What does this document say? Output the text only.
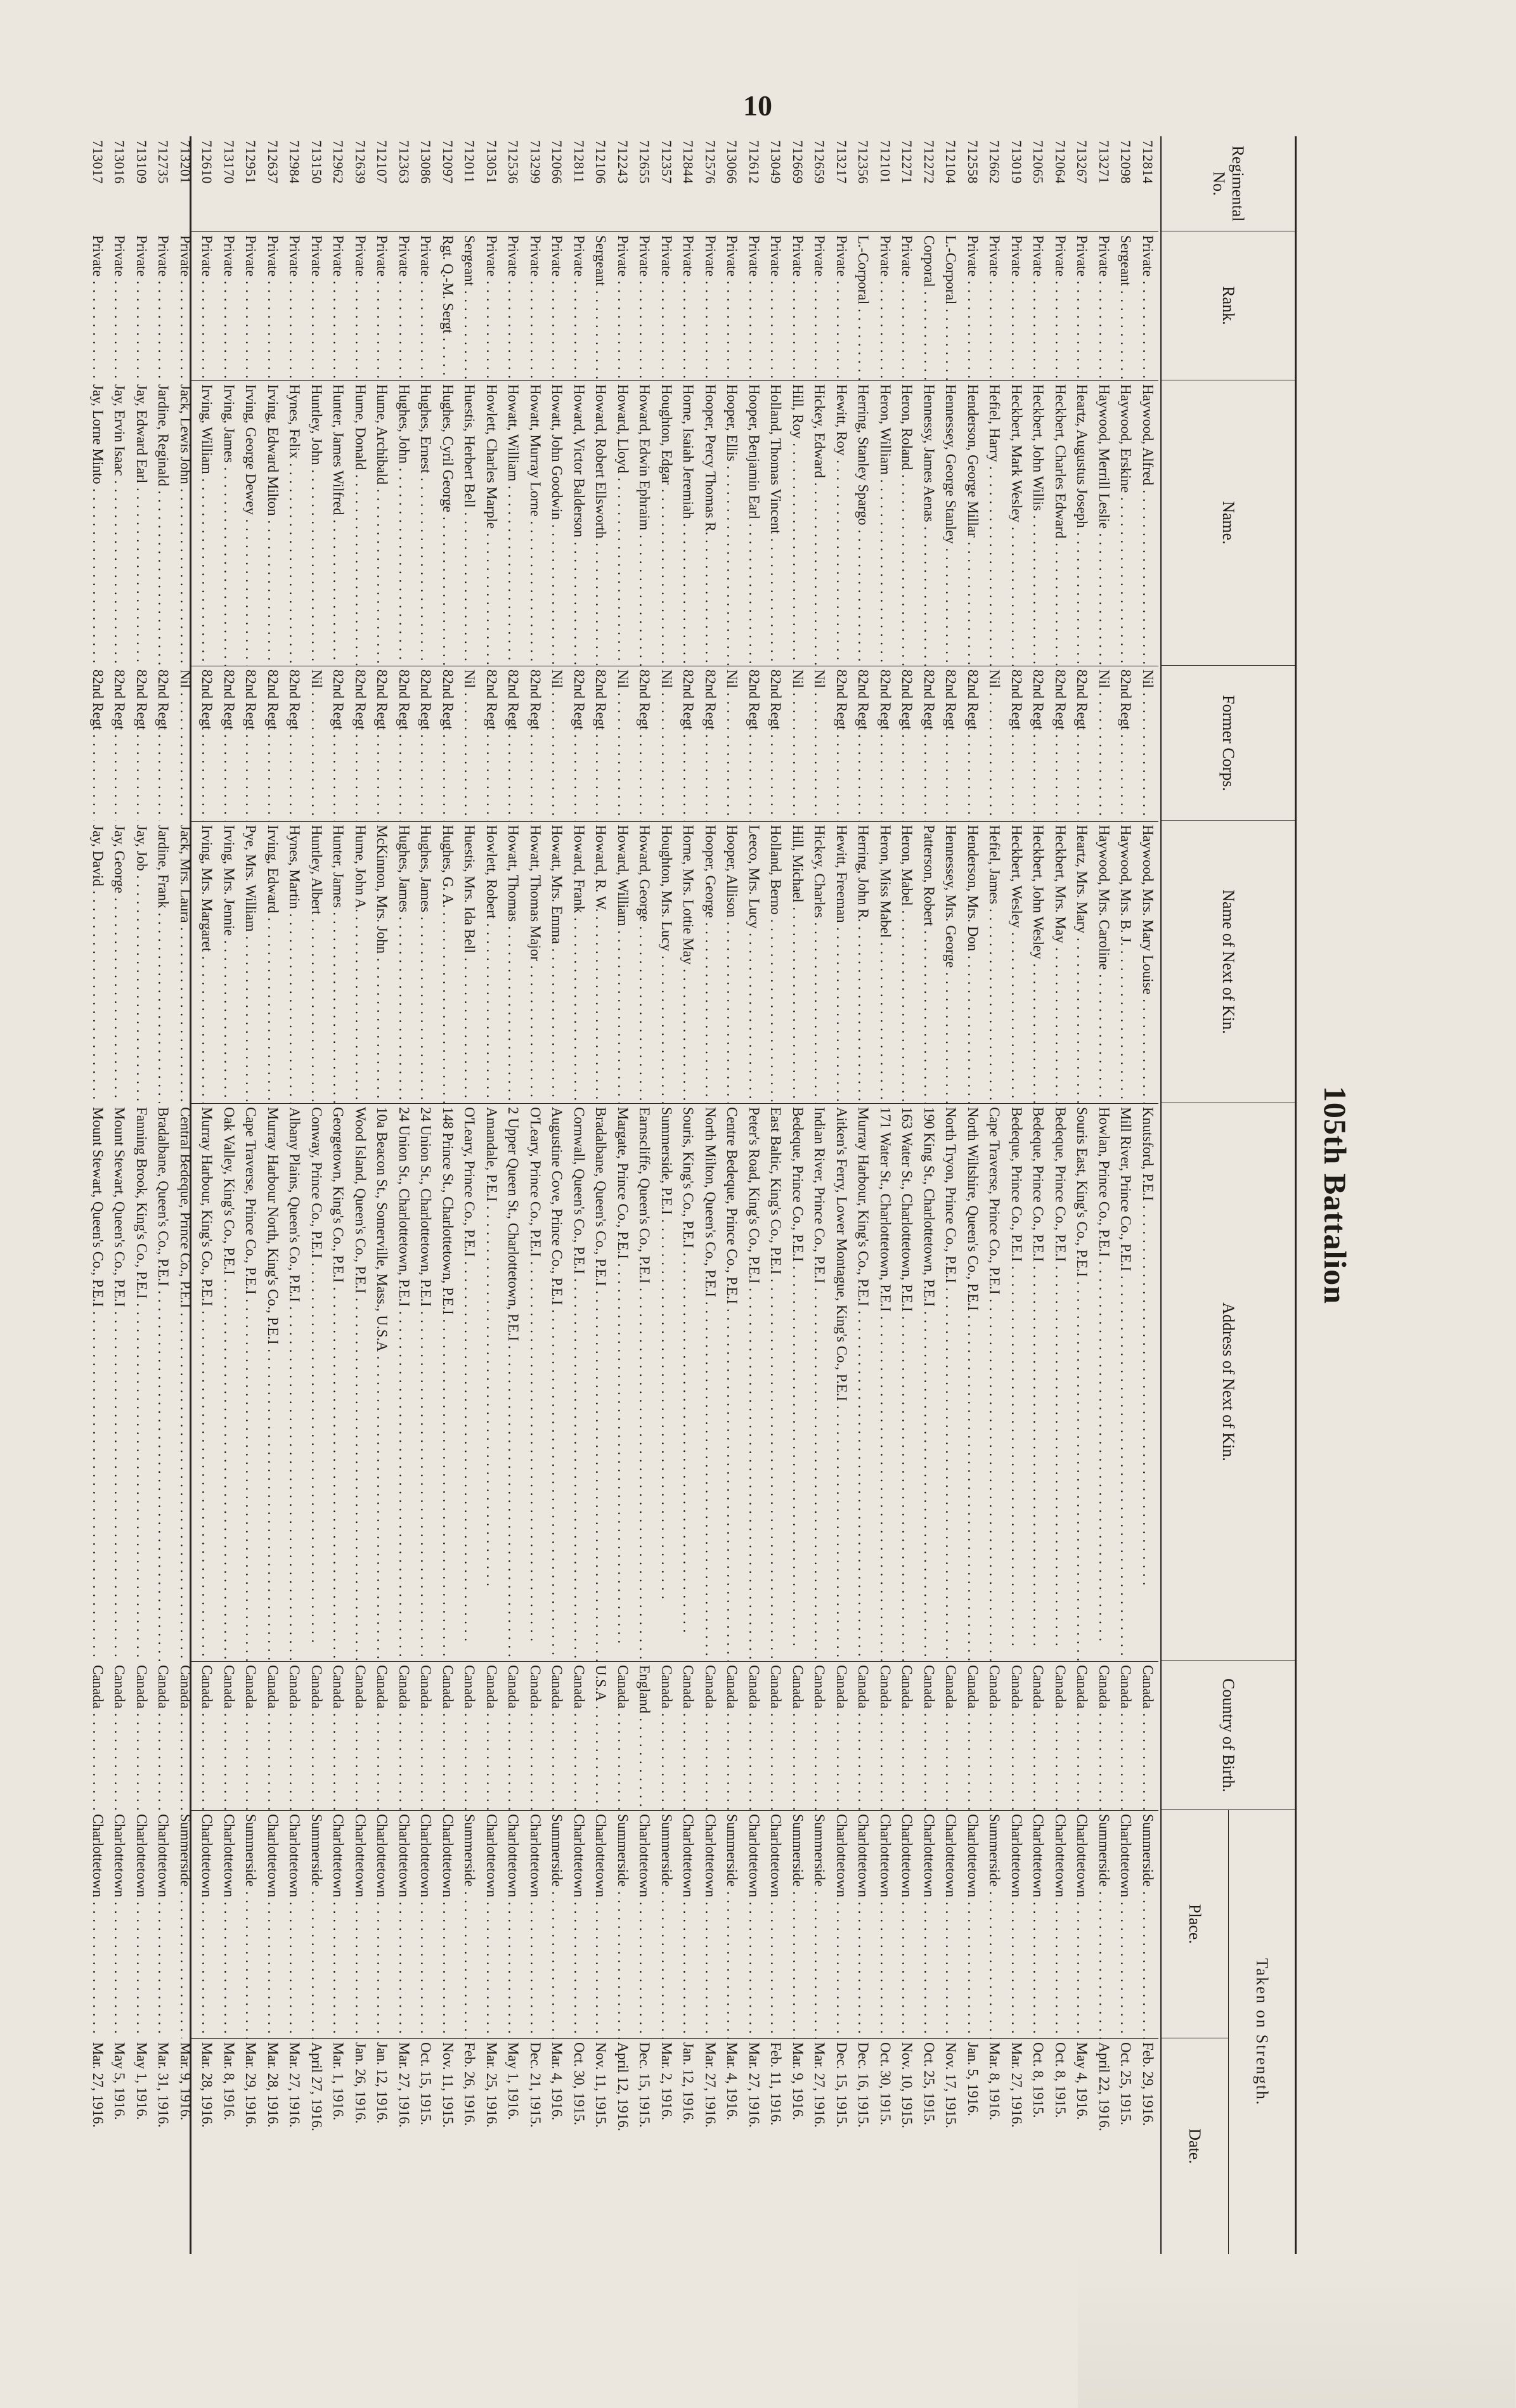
10
105th Battalion
Regimental No.
Rank.
Name.
Former Corps.
Name of Next of Kin.
Address of Next of Kin.
Country of Birth.
Taken on Strength.
Place.
Date.
712814
Private . . .
Haywood, Alfred . . .
Nil . . .
Haywood, Mrs. Mary Louise . . .
Knutsford, P.E.I . . .
Canada . . .
Summerside . . .
Feb. 29, 1916.
712098
Sergeant . . .
Haywood, Erskine . . .
82nd Regt . . .
Haywood, Mrs. B. J. . . .
Mill River, Prince Co., P.E.I . . .
Canada . . .
Charlottetown . . .
Oct. 25, 1915.
713271
Private . . .
Haywood, Merrill Leslie . . .
Nil . . .
Haywood, Mrs. Caroline . . .
Howlan, Prince Co., P.E.I . . .
Canada . . .
Summerside . . .
April 22, 1916.
713267
Private . . .
Heartz, Augustus Joseph . . .
82nd Regt . . .
Heartz, Mrs. Mary . . .
Souris East, King's Co., P.E.I . . .
Canada . . .
Charlottetown . . .
May 4, 1916.
712064
Private . . .
Heckbert, Charles Edward . . .
82nd Regt . . .
Heckbert, Mrs. May . . .
Bedeque, Prince Co., P.E.I . . .
Canada . . .
Charlottetown . . .
Oct. 8, 1915.
712065
Private . . .
Heckbert, John Willis . . .
82nd Regt . . .
Heckbert, John Wesley . . .
Bedeque, Prince Co., P.E.I . . .
Canada . . .
Charlottetown . . .
Oct. 8, 1915.
713019
Private . . .
Heckbert, Mark Wesley . . .
82nd Regt . . .
Heckbert, Wesley . . .
Bedeque, Prince Co., P.E.I . . .
Canada . . .
Charlottetown . . .
Mar. 27, 1916.
712662
Private . . .
Hefiel, Harry . . .
Nil . . .
Hefiel, James . . .
Cape Traverse, Prince Co., P.E.I . . .
Canada . . .
Summerside . . .
Mar. 8, 1916.
712558
Private . . .
Henderson, George Millar . . .
82nd Regt . . .
Henderson, Mrs. Don . . .
North Wiltshire, Queen's Co., P.E.I . . .
Canada . . .
Charlottetown . . .
Jan. 5, 1916.
712104
L.-Corporal . . .
Hennessey, George Stanley . . .
82nd Regt . . .
Hennessey, Mrs. George . . .
North Tryon, Prince Co., P.E.I . . .
Canada . . .
Charlottetown . . .
Nov. 17, 1915.
712272
Corporal . . .
Hennessy, James Aenas . . .
82nd Regt . . .
Patterson, Robert . . .
190 King St., Charlottetown, P.E.I . . .
Canada . . .
Charlottetown . . .
Oct. 25, 1915.
712271
Private . . .
Heron, Roland . . .
82nd Regt . . .
Heron, Mabel . . .
163 Water St., Charlottetown, P.E.I . . .
Canada . . .
Charlottetown . . .
Nov. 10, 1915.
712101
Private . . .
Heron, William . . .
82nd Regt . . .
Heron, Miss Mabel . . .
171 Water St., Charlottetown, P.E.I . . .
Canada . . .
Charlottetown . . .
Oct. 30, 1915.
712356
L.-Corporal . . .
Herring, Stanley Spargo . . .
82nd Regt . . .
Herring, John R. . . .
Murray Harbour, King's Co., P.E.I . . .
Canada . . .
Charlottetown . . .
Dec. 16, 1915.
713217
Private . . .
Hewitt, Roy . . .
82nd Regt . . .
Hewitt, Freeman . . .
Aitken's Ferry, Lower Montague, King's Co., P.E.I . . .
Canada . . .
Charlottetown . . .
Dec. 15, 1915.
712659
Private . . .
Hickey, Edward . . .
Nil . . .
Hickey, Charles . . .
Indian River, Prince Co., P.E.I . . .
Canada . . .
Summerside . . .
Mar. 27, 1916.
712669
Private . . .
Hill, Roy . . .
Nil . . .
Hill, Michael . . .
Bedeque, Prince Co., P.E.I . . .
Canada . . .
Summerside . . .
Mar. 9, 1916.
713049
Private . . .
Holland, Thomas Vincent . . .
82nd Regt . . .
Holland, Berno . . .
East Baltic, King's Co., P.E.I . . .
Canada . . .
Charlottetown . . .
Feb. 11, 1916.
712612
Private . . .
Hooper, Benjamin Earl . . .
82nd Regt . . .
Leeco, Mrs. Lucy . . .
Peter's Road, King's Co., P.E.I . . .
Canada . . .
Charlottetown . . .
Mar. 27, 1916.
713066
Private . . .
Hooper, Ellis . . .
Nil . . .
Hooper, Allison . . .
Centre Bedeque, Prince Co., P.E.I . . .
Canada . . .
Summerside . . .
Mar. 4, 1916.
712576
Private . . .
Hooper, Percy Thomas R. . . .
82nd Regt . . .
Hooper, George . . .
North Milton, Queen's Co., P.E.I . . .
Canada . . .
Charlottetown . . .
Mar. 27, 1916.
712844
Private . . .
Horne, Isaiah Jeremiah . . .
82nd Regt . . .
Horne, Mrs. Lottie May . . .
Souris, King's Co., P.E.I . . .
Canada . . .
Charlottetown . . .
Jan. 12, 1916.
712357
Private . . .
Houghton, Edgar . . .
Nil . . .
Houghton, Mrs. Lucy . . .
Summerside, P.E.I . . .
Canada . . .
Summerside . . .
Mar. 2, 1916.
712655
Private . . .
Howard, Edwin Ephraim . . .
82nd Regt . . .
Howard, George . . .
Earnscliffe, Queen's Co., P.E.I . . .
England . . .
Charlottetown . . .
Dec. 15, 1915.
712243
Private . . .
Howard, Lloyd . . .
Nil . . .
Howard, William . . .
Margate, Prince Co., P.E.I . . .
Canada . . .
Summerside . . .
April 12, 1916.
712106
Sergeant . . .
Howard, Robert Ellsworth . . .
82nd Regt . . .
Howard, R. W. . . .
Bradalbane, Queen's Co., P.E.I . . .
U.S.A . . .
Charlottetown . . .
Nov. 11, 1915.
712811
Private . . .
Howard, Victor Balderson . . .
82nd Regt . . .
Howard, Frank . . .
Cornwall, Queen's Co., P.E.I . . .
Canada . . .
Charlottetown . . .
Oct. 30, 1915.
712066
Private . . .
Howatt, John Goodwin . . .
Nil . . .
Howatt, Mrs. Emma . . .
Augustine Cove, Prince Co., P.E.I . . .
Canada . . .
Summerside . . .
Mar. 4, 1916.
713299
Private . . .
Howatt, Murray Lorne . . .
82nd Regt . . .
Howatt, Thomas Major . . .
O'Leary, Prince Co., P.E.I . . .
Canada . . .
Charlottetown . . .
Dec. 21, 1915.
712536
Private . . .
Howatt, William . . .
82nd Regt . . .
Howatt, Thomas . . .
2 Upper Queen St., Charlottetown, P.E.I . . .
Canada . . .
Charlottetown . . .
May 1, 1916.
713051
Private . . .
Howlett, Charles Marple . . .
82nd Regt . . .
Howlett, Robert . . .
Amandale, P.E.I . . .
Canada . . .
Charlottetown . . .
Mar. 25, 1916.
712011
Sergeant . . .
Huestis, Herbert Bell . . .
Nil . . .
Huestis, Mrs. Ida Bell . . .
O'Leary, Prince Co., P.E.I . . .
Canada . . .
Summerside . . .
Feb. 26, 1916.
712097
Rgt. Q.-M. Sergt . . .
Hughes, Cyril George . . .
82nd Regt . . .
Hughes, G. A. . . .
148 Prince St., Charlottetown, P.E.I . . .
Canada . . .
Charlottetown . . .
Nov. 11, 1915.
713086
Private . . .
Hughes, Ernest . . .
82nd Regt . . .
Hughes, James . . .
24 Union St., Charlottetown, P.E.I . . .
Canada . . .
Charlottetown . . .
Oct. 15, 1915.
712363
Private . . .
Hughes, John . . .
82nd Regt . . .
Hughes, James . . .
24 Union St., Charlottetown, P.E.I . . .
Canada . . .
Charlottetown . . .
Mar. 27, 1916.
712107
Private . . .
Hume, Archibald . . .
82nd Regt . . .
McKinnon, Mrs. John . . .
10a Beacon St., Somerville, Mass., U.S.A . . .
Canada . . .
Charlottetown . . .
Jan. 12, 1916.
712639
Private . . .
Hume, Donald . . .
82nd Regt . . .
Hume, John A. . . .
Wood Island, Queen's Co., P.E.I . . .
Canada . . .
Charlottetown . . .
Jan. 26, 1916.
712962
Private . . .
Hunter, James Wilfred . . .
82nd Regt . . .
Hunter, James . . .
Georgetown, King's Co., P.E.I . . .
Canada . . .
Charlottetown . . .
Mar. 1, 1916.
713150
Private . . .
Huntley, John . . .
Nil . . .
Huntley, Albert . . .
Conway, Prince Co., P.E.I . . .
Canada . . .
Summerside . . .
April 27, 1916.
712984
Private . . .
Hynes, Felix . . .
82nd Regt . . .
Hynes, Martin . . .
Albany Plains, Queen's Co., P.E.I . . .
Canada . . .
Charlottetown . . .
Mar. 27, 1916.
712637
Private . . .
Irving, Edward Milton . . .
82nd Regt . . .
Irving, Edward . . .
Murray Harbour North, King's Co., P.E.I . . .
Canada . . .
Charlottetown . . .
Mar. 28, 1916.
712951
Private . . .
Irving, George Dewey . . .
82nd Regt . . .
Pye, Mrs. William . . .
Cape Traverse, Prince Co., P.E.I . . .
Canada . . .
Summerside . . .
Mar. 29, 1916.
713170
Private . . .
Irving, James . . .
82nd Regt . . .
Irving, Mrs. Jennie . . .
Oak Valley, King's Co., P.E.I . . .
Canada . . .
Charlottetown . . .
Mar. 8, 1916.
712610
Private . . .
Irving, William . . .
82nd Regt . . .
Irving, Mrs. Margaret . . .
Murray Harbour, King's Co., P.E.I . . .
Canada . . .
Charlottetown . . .
Mar. 28, 1916.
713201
Private . . .
Jack, Lewis John . . .
Nil . . .
Jack, Mrs. Laura . . .
Central Bedeque, Prince Co., P.E.I . . .
Canada . . .
Summerside . . .
Mar. 9, 1916.
712735
Private . . .
Jardine, Reginald . . .
82nd Regt . . .
Jardine, Frank . . .
Bradalbane, Queen's Co., P.E.I . . .
Canada . . .
Charlottetown . . .
Mar. 31, 1916.
713109
Private . . .
Jay, Edward Earl . . .
82nd Regt . . .
Jay, Job . . .
Fanning Brook, King's Co., P.E.I . . .
Canada . . .
Charlottetown . . .
May 1, 1916.
713016
Private . . .
Jay, Ervin Isaac . . .
82nd Regt . . .
Jay, George . . .
Mount Stewart, Queen's Co., P.E.I . . .
Canada . . .
Charlottetown . . .
May 5, 1916.
713017
Private . . .
Jay, Lorne Minto . . .
82nd Regt . . .
Jay, David . . .
Mount Stewart, Queen's Co., P.E.I . . .
Canada . . .
Charlottetown . . .
Mar. 27, 1916.
